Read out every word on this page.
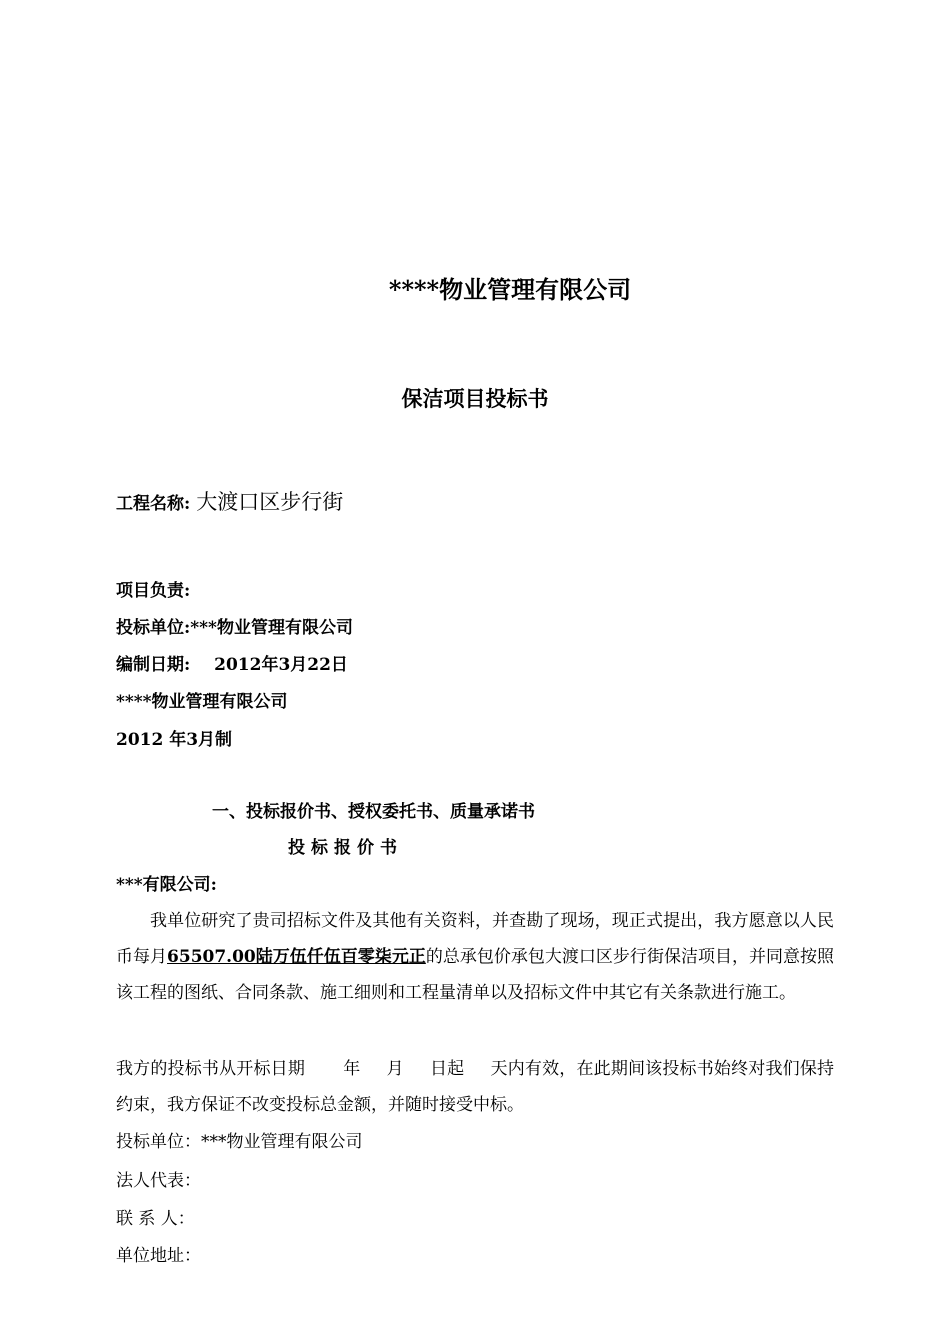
****物业管理有限公司
保洁项目投标书
工程名称: 大渡口区步行街
项目负责:
投标单位:***物业管理有限公司
编制日期: 2012年3月22日
****物业管理有限公司
2012 年3月制
一、投标报价书、授权委托书、质量承诺书
投标报价书
***有限公司:
我单位研究了贵司招标文件及其他有关资料，并查勘了现场，现正式提出，我方愿意以人民币每月65507.00陆万伍仟伍百零柒元正的总承包价承包大渡口区步行街保洁项目，并同意按照该工程的图纸、合同条款、施工细则和工程量清单以及招标文件中其它有关条款进行施工。
我方的投标书从开标日期 年 月 日起 天内有效，在此期间该投标书始终对我们保持约束，我方保证不改变投标总金额，并随时接受中标。
投标单位：***物业管理有限公司
法人代表：
联 系 人：
单位地址：
